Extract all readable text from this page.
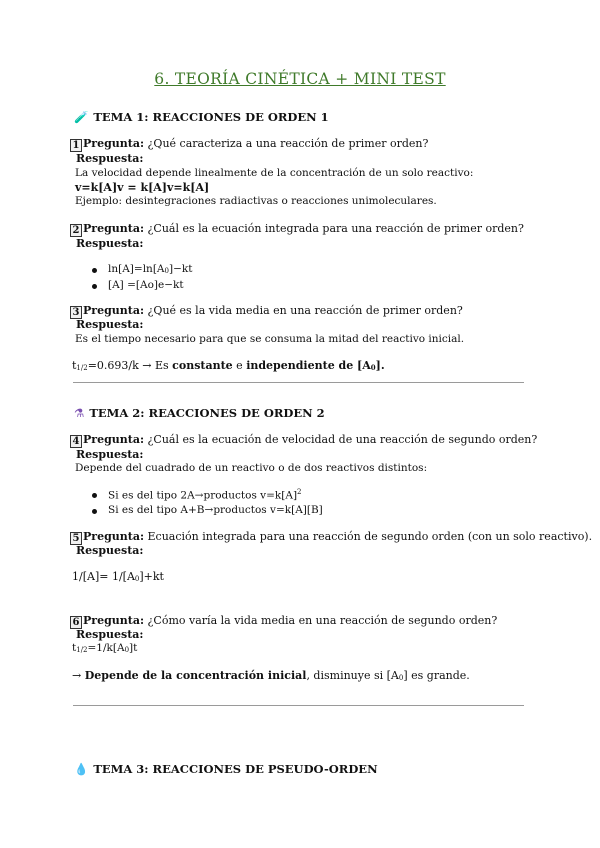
6. TEORÍA CINÉTICA + MINI TEST
🧪 TEMA 1: REACCIONES DE ORDEN 1
1 Pregunta: ¿Qué caracteriza a una reacción de primer orden?
Respuesta:
La velocidad depende linealmente de la concentración de un solo reactivo:
v=k[A]v = k[A]v=k[A]
Ejemplo: desintegraciones radiactivas o reacciones unimoleculares.
2 Pregunta: ¿Cuál es la ecuación integrada para una reacción de primer orden?
Respuesta:
$\ln[A]=\ln[A_0]-kt$
[A] =[Ao]e−kt
3 Pregunta: ¿Qué es la vida media en una reacción de primer orden?
Respuesta:
Es el tiempo necesario para que se consuma la mitad del reactivo inicial.
$t_{1/2}=0.693/k \to Es$ constante e independiente de $[A_0]$.
⚗ TEMA 2: REACCIONES DE ORDEN 2
4 Pregunta: ¿Cuál es la ecuación de velocidad de una reacción de segundo orden?
Respuesta:
Depende del cuadrado de un reactivo o de dos reactivos distintos:
Si es del tipo 2A→productos $v=k[A]^2$
Si es del tipo A+B→productos v=k[A][B]
5 Pregunta: Ecuación integrada para una reacción de segundo orden (con un solo reactivo).
Respuesta:
$1/[A]= 1/[A_0]+kt$
6 Pregunta: ¿Cómo varía la vida media en una reacción de segundo orden?
Respuesta:
$t_{1/2}=1/k[A_0]t$
→ Depende de la concentración inicial, disminuye si $[A_0]$ es grande.
💧 TEMA 3: REACCIONES DE PSEUDO-ORDEN
